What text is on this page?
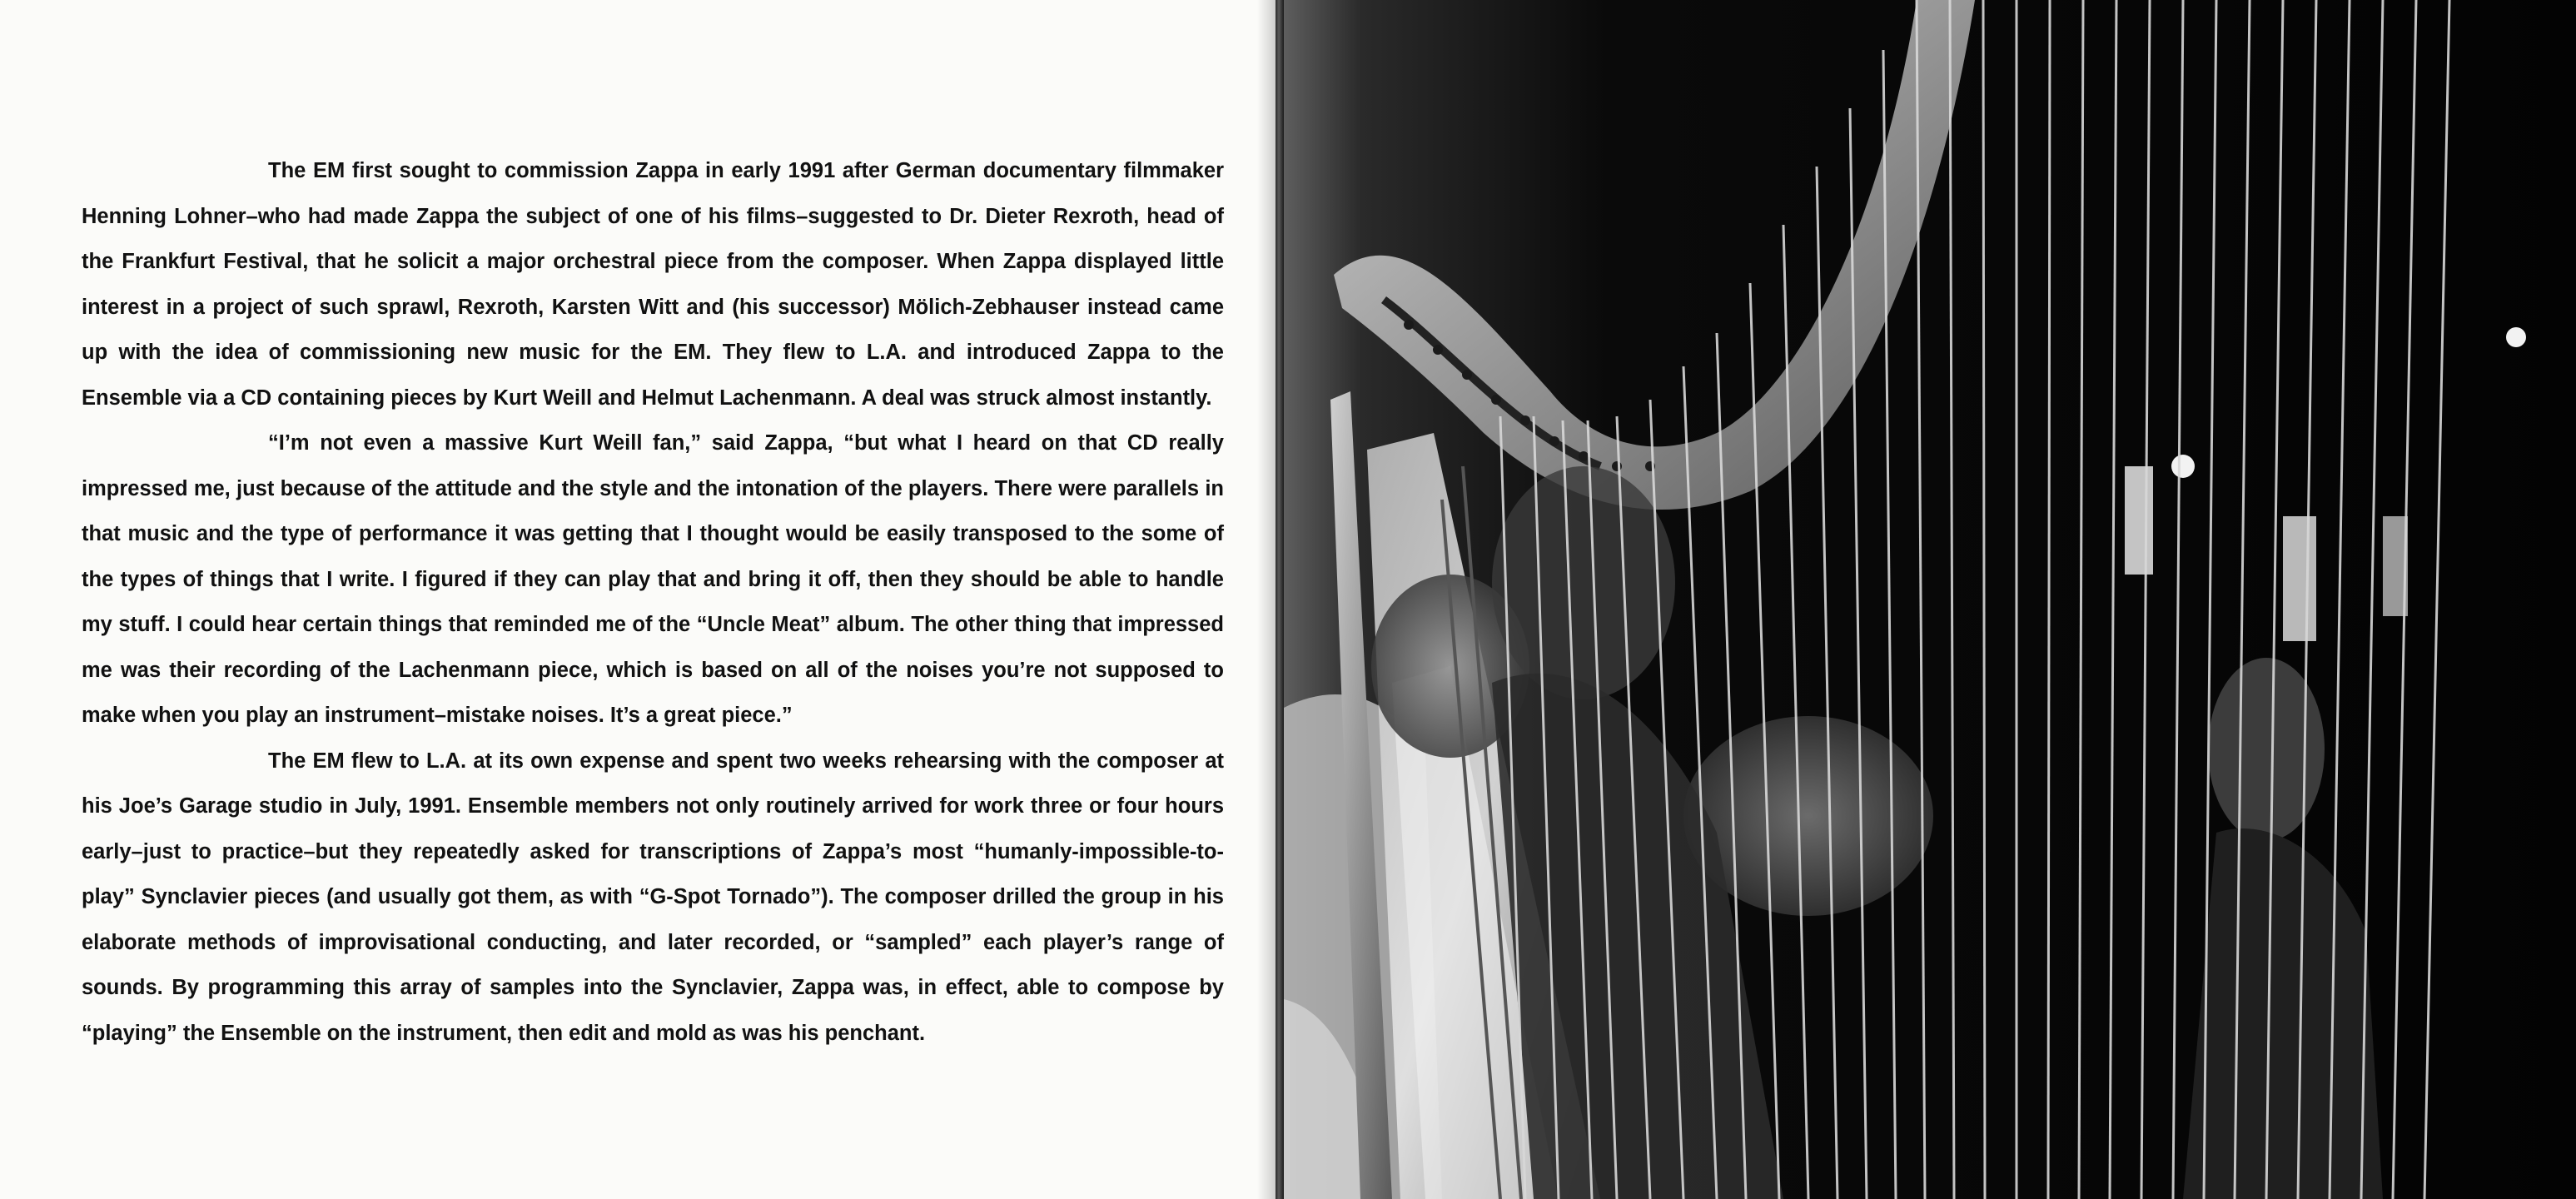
The EM first sought to commission Zappa in early 1991 after German documentary filmmaker Henning Lohner–who had made Zappa the subject of one of his films–suggested to Dr. Dieter Rexroth, head of the Frankfurt Festival, that he solicit a major orchestral piece from the composer. When Zappa displayed little interest in a project of such sprawl, Rexroth, Karsten Witt and (his successor) Mölich-Zebhauser instead came up with the idea of commissioning new music for the EM. They flew to L.A. and introduced Zappa to the Ensemble via a CD containing pieces by Kurt Weill and Helmut Lachenmann. A deal was struck almost instantly.

“I’m not even a massive Kurt Weill fan,” said Zappa, “but what I heard on that CD really impressed me, just because of the attitude and the style and the intonation of the players. There were parallels in that music and the type of performance it was getting that I thought would be easily transposed to the some of the types of things that I write. I figured if they can play that and bring it off, then they should be able to handle my stuff. I could hear certain things that reminded me of the “Uncle Meat” album. The other thing that impressed me was their recording of the Lachenmann piece, which is based on all of the noises you’re not supposed to make when you play an instrument–mistake noises. It’s a great piece.”

The EM flew to L.A. at its own expense and spent two weeks rehearsing with the composer at his Joe’s Garage studio in July, 1991. Ensemble members not only routinely arrived for work three or four hours early–just to practice–but they repeatedly asked for transcriptions of Zappa’s most “humanly-impossible-to-play” Synclavier pieces (and usually got them, as with “G-Spot Tornado”). The composer drilled the group in his elaborate methods of improvisational conducting, and later recorded, or “sampled” each player’s range of sounds. By programming this array of samples into the Synclavier, Zappa was, in effect, able to compose by “playing” the Ensemble on the instrument, then edit and mold as was his penchant.
